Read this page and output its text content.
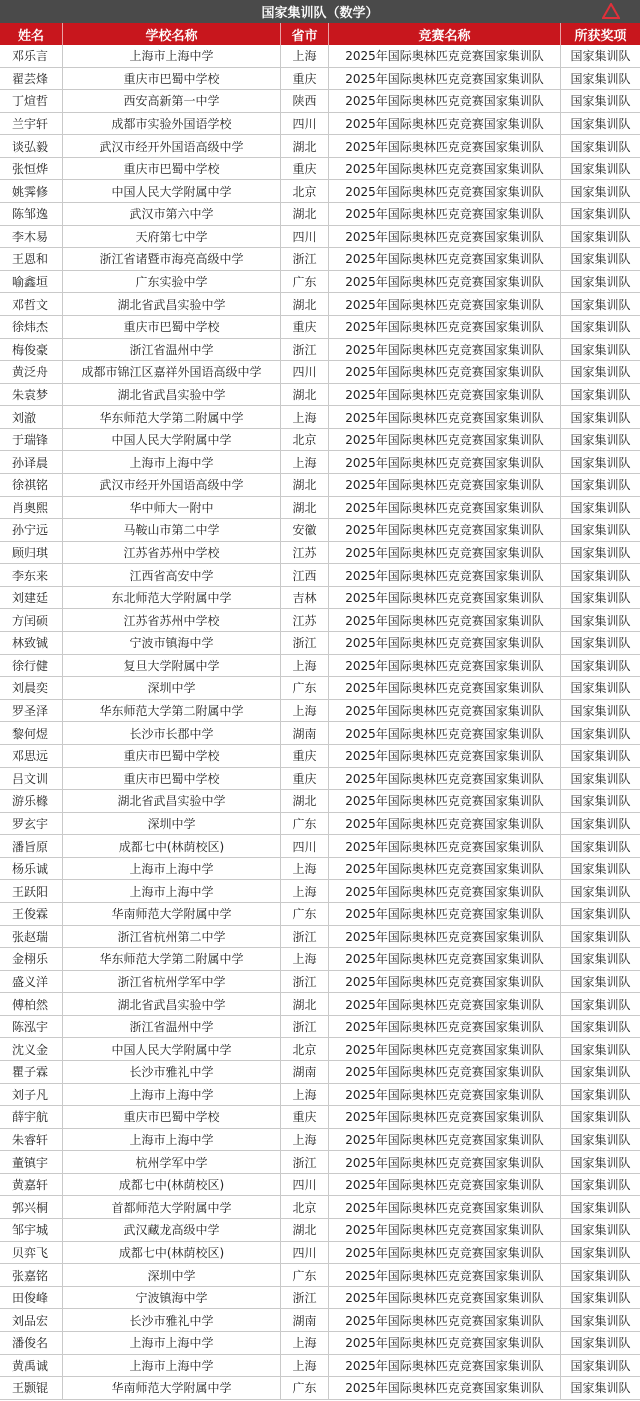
国家集训队（数学）
姓名	学校名称	省市	竞赛名称	所获奖项
邓乐言	上海市上海中学	上海	2025年国际奥林匹克竞赛国家集训队	国家集训队
翟芸烽	重庆市巴蜀中学校	重庆	2025年国际奥林匹克竞赛国家集训队	国家集训队
丁煊哲	西安高新第一中学	陕西	2025年国际奥林匹克竞赛国家集训队	国家集训队
兰宇轩	成都市实验外国语学校	四川	2025年国际奥林匹克竞赛国家集训队	国家集训队
谈弘毅	武汉市经开外国语高级中学	湖北	2025年国际奥林匹克竞赛国家集训队	国家集训队
张恒烨	重庆市巴蜀中学校	重庆	2025年国际奥林匹克竞赛国家集训队	国家集训队
姚霁修	中国人民大学附属中学	北京	2025年国际奥林匹克竞赛国家集训队	国家集训队
陈邹逸	武汉市第六中学	湖北	2025年国际奥林匹克竞赛国家集训队	国家集训队
李木易	天府第七中学	四川	2025年国际奥林匹克竞赛国家集训队	国家集训队
王恩和	浙江省诸暨市海亮高级中学	浙江	2025年国际奥林匹克竞赛国家集训队	国家集训队
喻鑫垣	广东实验中学	广东	2025年国际奥林匹克竞赛国家集训队	国家集训队
邓哲文	湖北省武昌实验中学	湖北	2025年国际奥林匹克竞赛国家集训队	国家集训队
徐炜杰	重庆市巴蜀中学校	重庆	2025年国际奥林匹克竞赛国家集训队	国家集训队
梅俊豪	浙江省温州中学	浙江	2025年国际奥林匹克竞赛国家集训队	国家集训队
黄泛舟	成都市锦江区嘉祥外国语高级中学	四川	2025年国际奥林匹克竞赛国家集训队	国家集训队
朱袁梦	湖北省武昌实验中学	湖北	2025年国际奥林匹克竞赛国家集训队	国家集训队
刘澈	华东师范大学第二附属中学	上海	2025年国际奥林匹克竞赛国家集训队	国家集训队
于瑞锋	中国人民大学附属中学	北京	2025年国际奥林匹克竞赛国家集训队	国家集训队
孙译晨	上海市上海中学	上海	2025年国际奥林匹克竞赛国家集训队	国家集训队
徐祺铭	武汉市经开外国语高级中学	湖北	2025年国际奥林匹克竞赛国家集训队	国家集训队
肖奥熙	华中师大一附中	湖北	2025年国际奥林匹克竞赛国家集训队	国家集训队
孙宁远	马鞍山市第二中学	安徽	2025年国际奥林匹克竞赛国家集训队	国家集训队
顾归琪	江苏省苏州中学校	江苏	2025年国际奥林匹克竞赛国家集训队	国家集训队
李东来	江西省高安中学	江西	2025年国际奥林匹克竞赛国家集训队	国家集训队
刘建廷	东北师范大学附属中学	吉林	2025年国际奥林匹克竞赛国家集训队	国家集训队
方闰硕	江苏省苏州中学校	江苏	2025年国际奥林匹克竞赛国家集训队	国家集训队
林致铖	宁波市镇海中学	浙江	2025年国际奥林匹克竞赛国家集训队	国家集训队
徐行健	复旦大学附属中学	上海	2025年国际奥林匹克竞赛国家集训队	国家集训队
刘晨奕	深圳中学	广东	2025年国际奥林匹克竞赛国家集训队	国家集训队
罗圣泽	华东师范大学第二附属中学	上海	2025年国际奥林匹克竞赛国家集训队	国家集训队
黎何煜	长沙市长郡中学	湖南	2025年国际奥林匹克竞赛国家集训队	国家集训队
邓思远	重庆市巴蜀中学校	重庆	2025年国际奥林匹克竞赛国家集训队	国家集训队
吕文训	重庆市巴蜀中学校	重庆	2025年国际奥林匹克竞赛国家集训队	国家集训队
游乐橼	湖北省武昌实验中学	湖北	2025年国际奥林匹克竞赛国家集训队	国家集训队
罗玄宇	深圳中学	广东	2025年国际奥林匹克竞赛国家集训队	国家集训队
潘旨原	成都七中(林荫校区)	四川	2025年国际奥林匹克竞赛国家集训队	国家集训队
杨乐诚	上海市上海中学	上海	2025年国际奥林匹克竞赛国家集训队	国家集训队
王跃阳	上海市上海中学	上海	2025年国际奥林匹克竞赛国家集训队	国家集训队
王俊霖	华南师范大学附属中学	广东	2025年国际奥林匹克竞赛国家集训队	国家集训队
张赵瑞	浙江省杭州第二中学	浙江	2025年国际奥林匹克竞赛国家集训队	国家集训队
金栩乐	华东师范大学第二附属中学	上海	2025年国际奥林匹克竞赛国家集训队	国家集训队
盛义洋	浙江省杭州学军中学	浙江	2025年国际奥林匹克竞赛国家集训队	国家集训队
傅柏然	湖北省武昌实验中学	湖北	2025年国际奥林匹克竞赛国家集训队	国家集训队
陈泓宇	浙江省温州中学	浙江	2025年国际奥林匹克竞赛国家集训队	国家集训队
沈义金	中国人民大学附属中学	北京	2025年国际奥林匹克竞赛国家集训队	国家集训队
瞿子霖	长沙市雅礼中学	湖南	2025年国际奥林匹克竞赛国家集训队	国家集训队
刘子凡	上海市上海中学	上海	2025年国际奥林匹克竞赛国家集训队	国家集训队
薛宇航	重庆市巴蜀中学校	重庆	2025年国际奥林匹克竞赛国家集训队	国家集训队
朱睿轩	上海市上海中学	上海	2025年国际奥林匹克竞赛国家集训队	国家集训队
董镇宇	杭州学军中学	浙江	2025年国际奥林匹克竞赛国家集训队	国家集训队
黄嘉轩	成都七中(林荫校区)	四川	2025年国际奥林匹克竞赛国家集训队	国家集训队
郭兴桐	首都师范大学附属中学	北京	2025年国际奥林匹克竞赛国家集训队	国家集训队
邹宇城	武汉藏龙高级中学	湖北	2025年国际奥林匹克竞赛国家集训队	国家集训队
贝弈飞	成都七中(林荫校区)	四川	2025年国际奥林匹克竞赛国家集训队	国家集训队
张嘉铭	深圳中学	广东	2025年国际奥林匹克竞赛国家集训队	国家集训队
田俊峰	宁波镇海中学	浙江	2025年国际奥林匹克竞赛国家集训队	国家集训队
刘品宏	长沙市雅礼中学	湖南	2025年国际奥林匹克竞赛国家集训队	国家集训队
潘俊名	上海市上海中学	上海	2025年国际奥林匹克竞赛国家集训队	国家集训队
黄禹诚	上海市上海中学	上海	2025年国际奥林匹克竞赛国家集训队	国家集训队
王颢锟	华南师范大学附属中学	广东	2025年国际奥林匹克竞赛国家集训队	国家集训队
